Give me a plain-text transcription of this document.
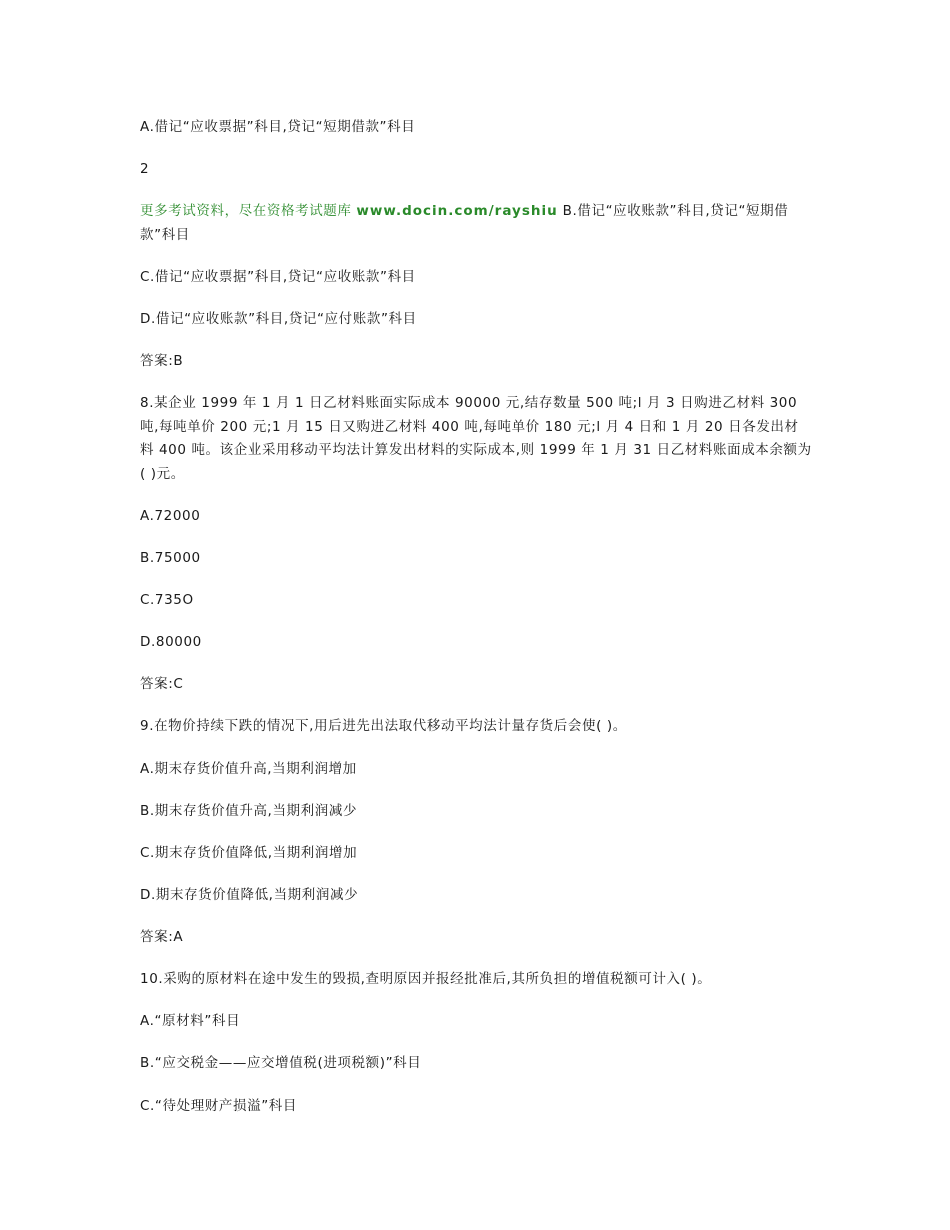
A.借记“应收票据”科目,贷记“短期借款”科目

2

更多考试资料，尽在资格考试题库 www.docin.com/rayshiu B.借记“应收账款”科目,贷记“短期借款”科目

C.借记“应收票据”科目,贷记“应收账款”科目

D.借记“应收账款”科目,贷记“应付账款”科目

答案:B

8.某企业 1999 年 1 月 1 日乙材料账面实际成本 90000 元,结存数量 500 吨;l 月 3 日购进乙材料 300 吨,每吨单价 200 元;1 月 15 日又购进乙材料 400 吨,每吨单价 180 元;l 月 4 日和 1 月 20 日各发出材料 400 吨。该企业采用移动平均法计算发出材料的实际成本,则 1999 年 1 月 31 日乙材料账面成本余额为( )元。

A.72000

B.75000

C.735O

D.80000

答案:C

9.在物价持续下跌的情况下,用后进先出法取代移动平均法计量存货后会使( )。

A.期末存货价值升高,当期利润增加

B.期末存货价值升高,当期利润减少

C.期末存货价值降低,当期利润增加

D.期末存货价值降低,当期利润减少

答案:A

10.采购的原材料在途中发生的毁损,查明原因并报经批准后,其所负担的增值税额可计入( )。

A.“原材料”科目

B.“应交税金——应交增值税(进项税额)”科目

C.“待处理财产损溢”科目
